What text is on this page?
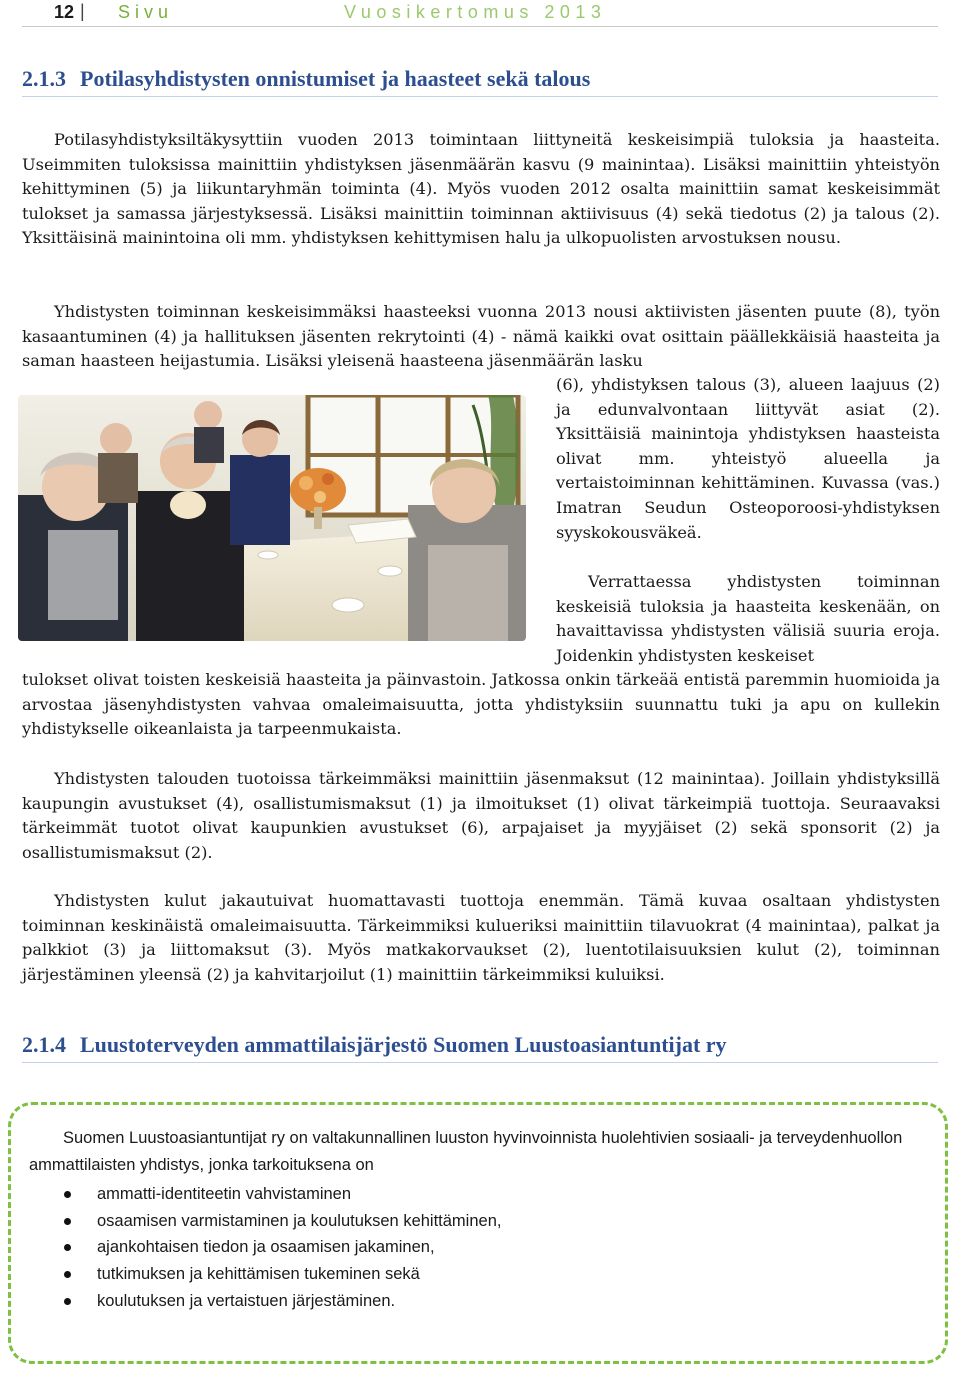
12 | Sivu	Vuosikertomus 2013
2.1.3 Potilasyhdistysten onnistumiset ja haasteet sekä talous
Potilasyhdistyksiltäkysyttiin vuoden 2013 toimintaan liittyneitä keskeisimpiä tuloksia ja haasteita. Useimmiten tuloksissa mainittiin yhdistyksen jäsenmäärän kasvu (9 mainintaa). Lisäksi mainittiin yhteistyön kehittyminen (5) ja liikuntaryhmän toiminta (4). Myös vuoden 2012 osalta mainittiin samat keskeisimmät tulokset ja samassa järjestyksessä. Lisäksi mainittiin toiminnan aktiivisuus (4) sekä tiedotus (2) ja talous (2). Yksittäisinä mainintoina oli mm. yhdistyksen kehittymisen halu ja ulkopuolisten arvostuksen nousu.
Yhdistysten toiminnan keskeisimmäksi haasteeksi vuonna 2013 nousi aktiivisten jäsenten puute (8), työn kasaantuminen (4) ja hallituksen jäsenten rekrytointi (4) - nämä kaikki ovat osittain päällekkäisiä haasteita ja saman haasteen heijastumia. Lisäksi yleisenä haasteena jäsenmäärän lasku
(6), yhdistyksen talous (3), alueen laajuus (2) ja edunvalvontaan liittyvät asiat (2). Yksittäisiä mainintoja yhdistyksen haasteista olivat mm. yhteistyö alueella ja vertaistoiminnan kehittäminen. Kuvassa (vas.) Imatran Seudun Osteoporoosi-yhdistyksen syyskokousväkeä.
Verrattaessa yhdistysten toiminnan keskeisiä tuloksia ja haasteita keskenään, on havaittavissa yhdistysten välisiä suuria eroja. Joidenkin yhdistysten keskeiset
tulokset olivat toisten keskeisiä haasteita ja päinvastoin. Jatkossa onkin tärkeää entistä paremmin huomioida ja arvostaa jäsenyhdistysten vahvaa omaleimaisuutta, jotta yhdistyksiin suunnattu tuki ja apu on kullekin yhdistykselle oikeanlaista ja tarpeenmukaista.
Yhdistysten talouden tuotoissa tärkeimmäksi mainittiin jäsenmaksut (12 mainintaa). Joillain yhdistyksillä kaupungin avustukset (4), osallistumismaksut (1) ja ilmoitukset (1) olivat tärkeimpiä tuottoja. Seuraavaksi tärkeimmät tuotot olivat kaupunkien avustukset (6), arpajaiset ja myyjäiset (2) sekä sponsorit (2) ja osallistumismaksut (2).
Yhdistysten kulut jakautuivat huomattavasti tuottoja enemmän. Tämä kuvaa osaltaan yhdistysten toiminnan keskinäistä omaleimaisuutta. Tärkeimmiksi kulueriksi mainittiin tilavuokrat (4 mainintaa), palkat ja palkkiot (3) ja liittomaksut (3). Myös matkakorvaukset (2), luentotilaisuuksien kulut (2), toiminnan järjestäminen yleensä (2) ja kahvitarjoilut (1) mainittiin tärkeimmiksi kuluiksi.
2.1.4 Luustoterveyden ammattilaisjärjestö Suomen Luustoasiantuntijat ry
Suomen Luustoasiantuntijat ry on valtakunnallinen luuston hyvinvoinnista huolehtivien sosiaali- ja terveydenhuollon ammattilaisten yhdistys, jonka tarkoituksena on
ammatti-identiteetin vahvistaminen
osaamisen varmistaminen ja koulutuksen kehittäminen,
ajankohtaisen tiedon ja osaamisen jakaminen,
tutkimuksen ja kehittämisen tukeminen sekä
koulutuksen ja vertaistuen järjestäminen.
